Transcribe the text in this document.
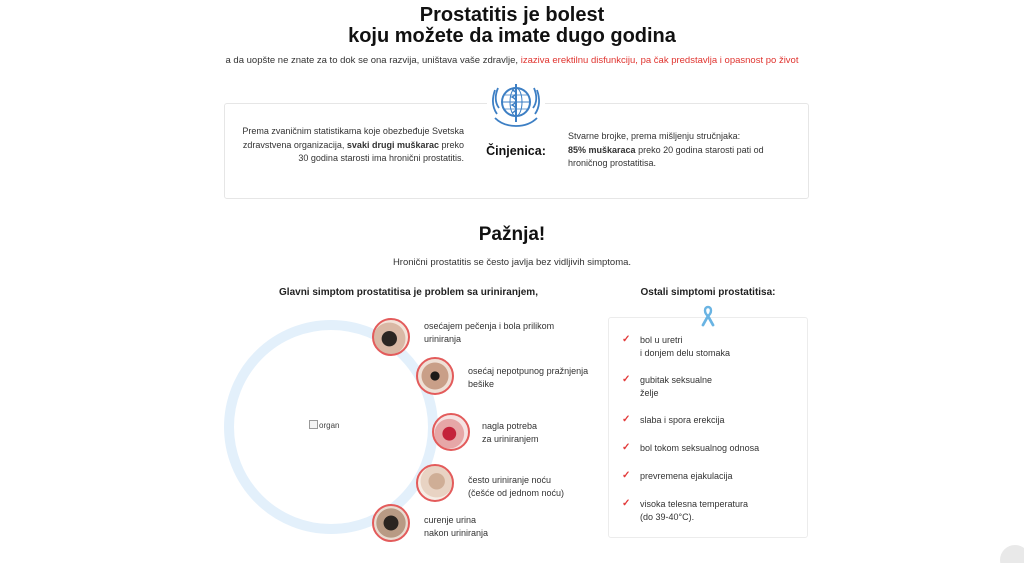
Prostatitis je bolest
koju možete da imate dugo godina
a da uopšte ne znate za to dok se ona razvija, uništava vaše zdravlje, izaziva erektilnu disfunkciju, pa čak predstavlja i opasnost po život
Prema zvaničnim statistikama koje obezbeđuje Svetska zdravstvena organizacija, svaki drugi muškarac preko 30 godina starosti ima hronični prostatitis.	Činjenica:
Stvarne brojke, prema mišljenju stručnjaka:
85% muškaraca preko 20 godina starosti pati od hroničnog prostatitisa.
Pažnja!
Hronični prostatitis se često javlja bez vidljivih simptoma.
Glavni simptom prostatitisa je problem sa uriniranjem,
organ
osećajem pečenja i bola prilikom
uriniranja
osećaj nepotpunog pražnjenja
bešike
nagla potreba
za uriniranjem
često uriniranje noću
(češće od jednom noću)
curenje urina
nakon uriniranja
Ostali simptomi prostatitisa:
✓ bol u uretri
i donjem delu stomaka
✓ gubitak seksualne
želje
✓ slaba i spora erekcija
✓ bol tokom seksualnog odnosa
✓ prevremena ejakulacija
✓ visoka telesna temperatura
(do 39-40°C).
